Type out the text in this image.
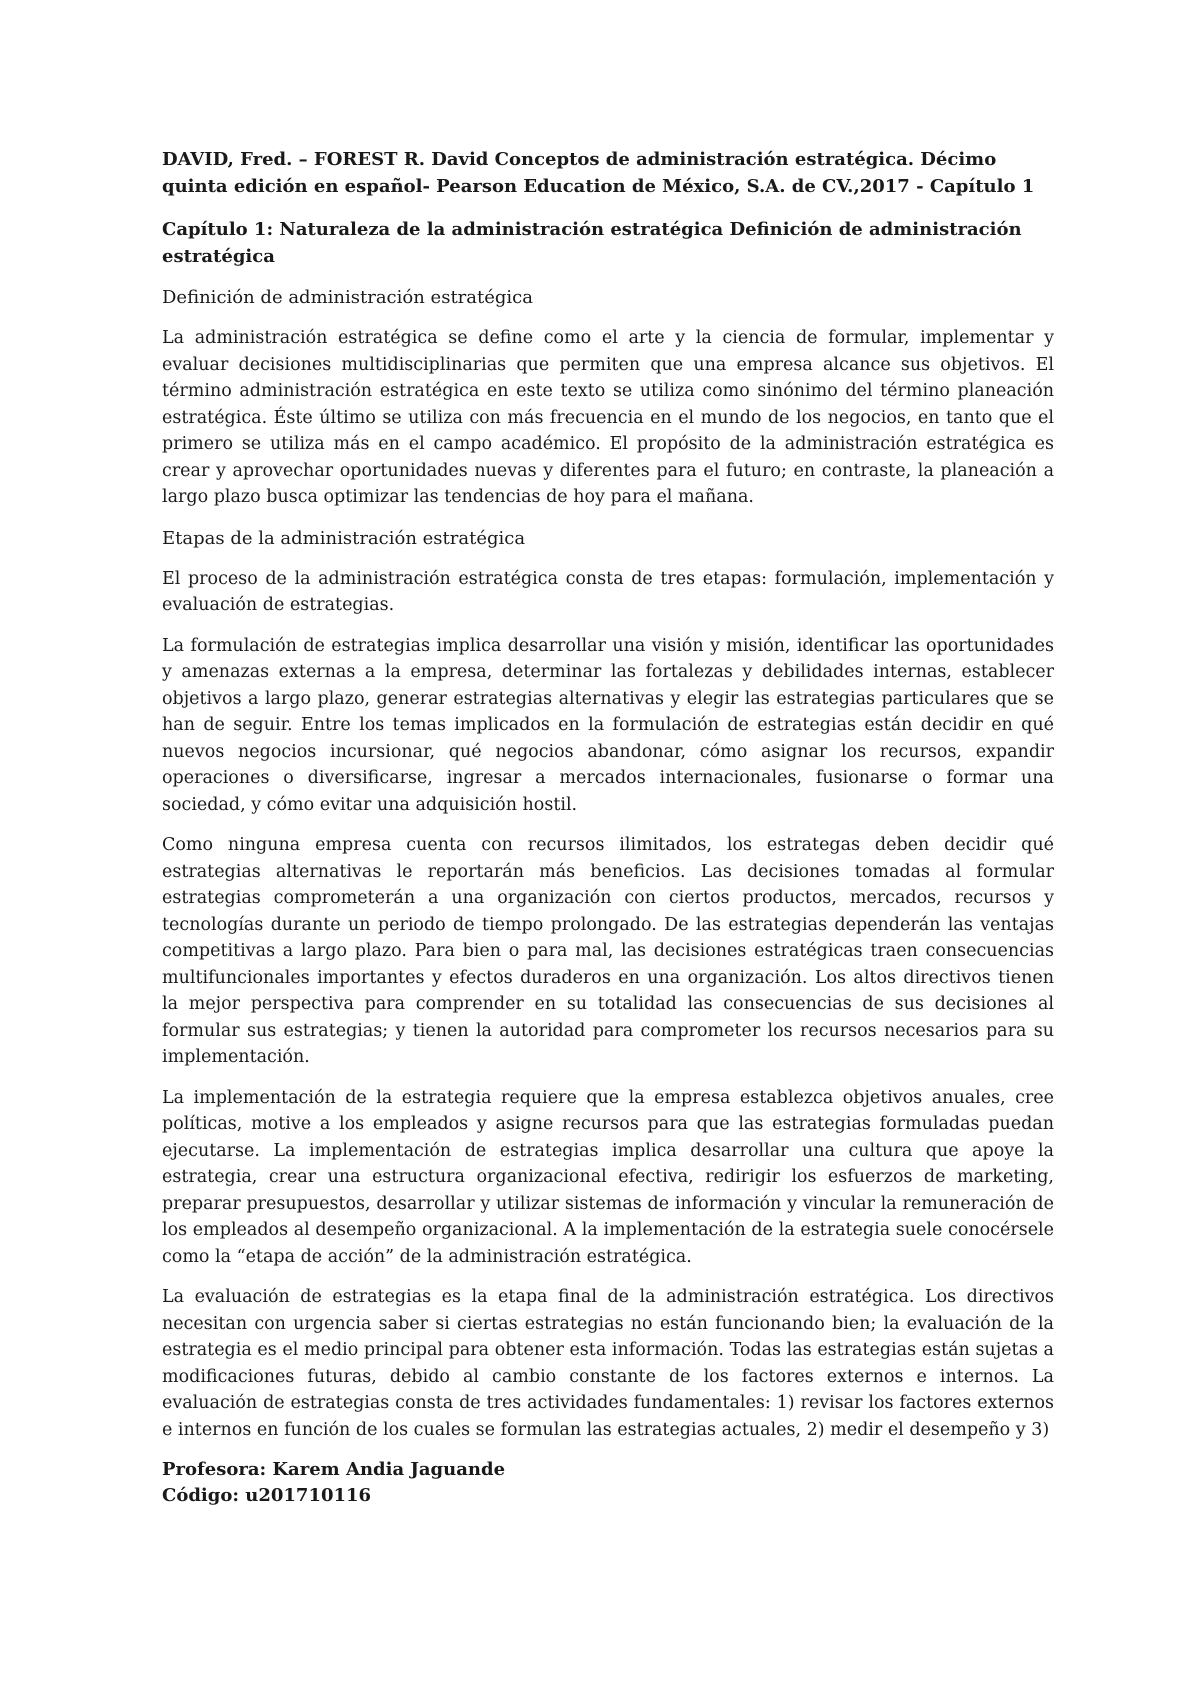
DAVID, Fred. – FOREST R. David Conceptos de administración estratégica. Décimo quinta edición en español- Pearson Education de México, S.A. de CV.,2017 - Capítulo 1

Capítulo 1: Naturaleza de la administración estratégica Definición de administración estratégica

Definición de administración estratégica

La administración estratégica se define como el arte y la ciencia de formular, implementar y evaluar decisiones multidisciplinarias que permiten que una empresa alcance sus objetivos. El término administración estratégica en este texto se utiliza como sinónimo del término planeación estratégica. Éste último se utiliza con más frecuencia en el mundo de los negocios, en tanto que el primero se utiliza más en el campo académico. El propósito de la administración estratégica es crear y aprovechar oportunidades nuevas y diferentes para el futuro; en contraste, la planeación a largo plazo busca optimizar las tendencias de hoy para el mañana.

Etapas de la administración estratégica

El proceso de la administración estratégica consta de tres etapas: formulación, implementación y evaluación de estrategias.

La formulación de estrategias implica desarrollar una visión y misión, identificar las oportunidades y amenazas externas a la empresa, determinar las fortalezas y debilidades internas, establecer objetivos a largo plazo, generar estrategias alternativas y elegir las estrategias particulares que se han de seguir. Entre los temas implicados en la formulación de estrategias están decidir en qué nuevos negocios incursionar, qué negocios abandonar, cómo asignar los recursos, expandir operaciones o diversificarse, ingresar a mercados internacionales, fusionarse o formar una sociedad, y cómo evitar una adquisición hostil.

Como ninguna empresa cuenta con recursos ilimitados, los estrategas deben decidir qué estrategias alternativas le reportarán más beneficios. Las decisiones tomadas al formular estrategias comprometerán a una organización con ciertos productos, mercados, recursos y tecnologías durante un periodo de tiempo prolongado. De las estrategias dependerán las ventajas competitivas a largo plazo. Para bien o para mal, las decisiones estratégicas traen consecuencias multifuncionales importantes y efectos duraderos en una organización. Los altos directivos tienen la mejor perspectiva para comprender en su totalidad las consecuencias de sus decisiones al formular sus estrategias; y tienen la autoridad para comprometer los recursos necesarios para su implementación.

La implementación de la estrategia requiere que la empresa establezca objetivos anuales, cree políticas, motive a los empleados y asigne recursos para que las estrategias formuladas puedan ejecutarse. La implementación de estrategias implica desarrollar una cultura que apoye la estrategia, crear una estructura organizacional efectiva, redirigir los esfuerzos de marketing, preparar presupuestos, desarrollar y utilizar sistemas de información y vincular la remuneración de los empleados al desempeño organizacional. A la implementación de la estrategia suele conocérsele como la “etapa de acción” de la administración estratégica.

La evaluación de estrategias es la etapa final de la administración estratégica. Los directivos necesitan con urgencia saber si ciertas estrategias no están funcionando bien; la evaluación de la estrategia es el medio principal para obtener esta información. Todas las estrategias están sujetas a modificaciones futuras, debido al cambio constante de los factores externos e internos. La evaluación de estrategias consta de tres actividades fundamentales: 1) revisar los factores externos e internos en función de los cuales se formulan las estrategias actuales, 2) medir el desempeño y 3)

Profesora: Karem Andia Jaguande
Código: u201710116
